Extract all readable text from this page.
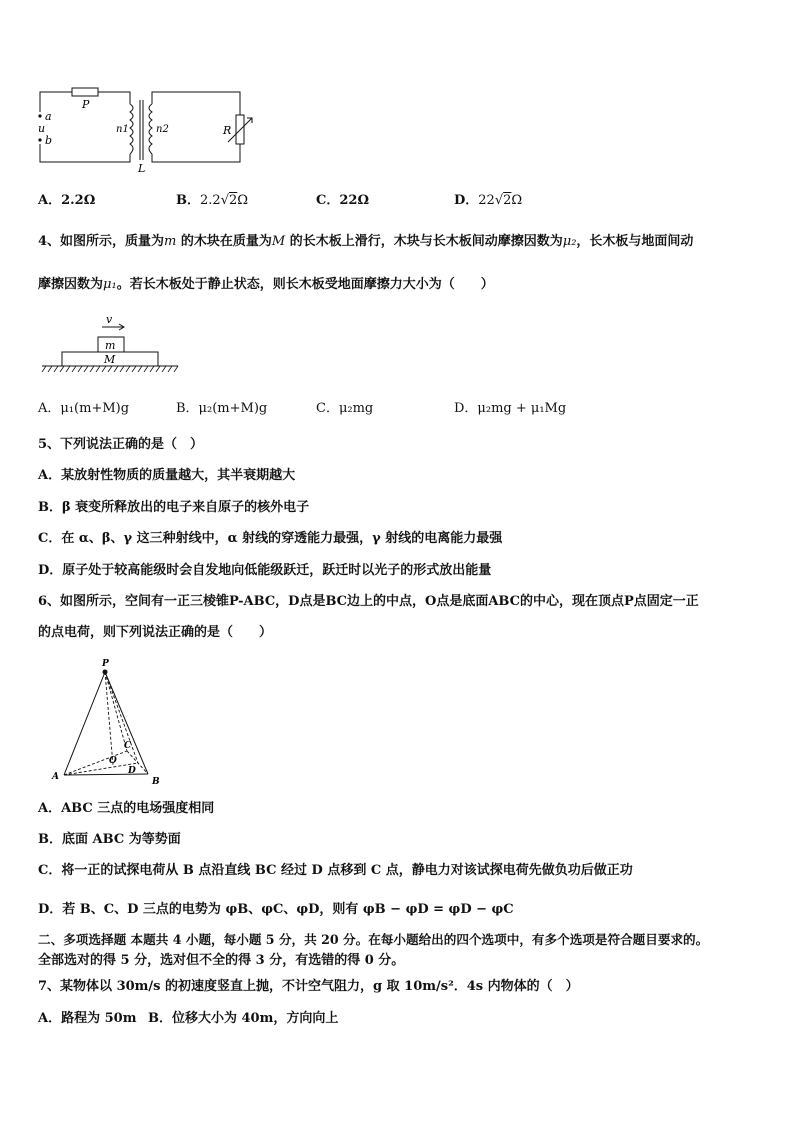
P
a
u
b
n1	n2
L
R
A．2.2Ω	B．2.2√2Ω	C．22Ω	D．22√2Ω
4、如图所示，质量为m 的木块在质量为M 的长木板上滑行，木块与长木板间动摩擦因数为μ₂，长木板与地面间动
摩擦因数为μ₁。若长木板处于静止状态，则长木板受地面摩擦力大小为（　　）
v
m
M
A．μ₁(m+M)g	B．μ₂(m+M)g	C．μ₂mg	D．μ₂mg + μ₁Mg
5、下列说法正确的是（　）
A．某放射性物质的质量越大，其半衰期越大
B．β 衰变所释放出的电子来自原子的核外电子
C．在 α、β、γ 这三种射线中，α 射线的穿透能力最强，γ 射线的电离能力最强
D．原子处于较高能级时会自发地向低能级跃迁，跃迁时以光子的形式放出能量
6、如图所示，空间有一正三棱锥P-ABC，D点是BC边上的中点，O点是底面ABC的中心，现在顶点P点固定一正
的点电荷，则下列说法正确的是（　　）
P
A	B
C
D
O
A．ABC 三点的电场强度相同
B．底面 ABC 为等势面
C．将一正的试探电荷从 B 点沿直线 BC 经过 D 点移到 C 点，静电力对该试探电荷先做负功后做正功
D．若 B、C、D 三点的电势为 φB、φC、φD，则有 φB − φD = φD − φC
二、多项选择题 本题共 4 小题，每小题 5 分，共 20 分。在每小题给出的四个选项中，有多个选项是符合题目要求的。
全部选对的得 5 分，选对但不全的得 3 分，有选错的得 0 分。
7、某物体以 30m/s 的初速度竖直上抛，不计空气阻力，g 取 10m/s²．4s 内物体的（　）
A．路程为 50m B．位移大小为 40m，方向向上
